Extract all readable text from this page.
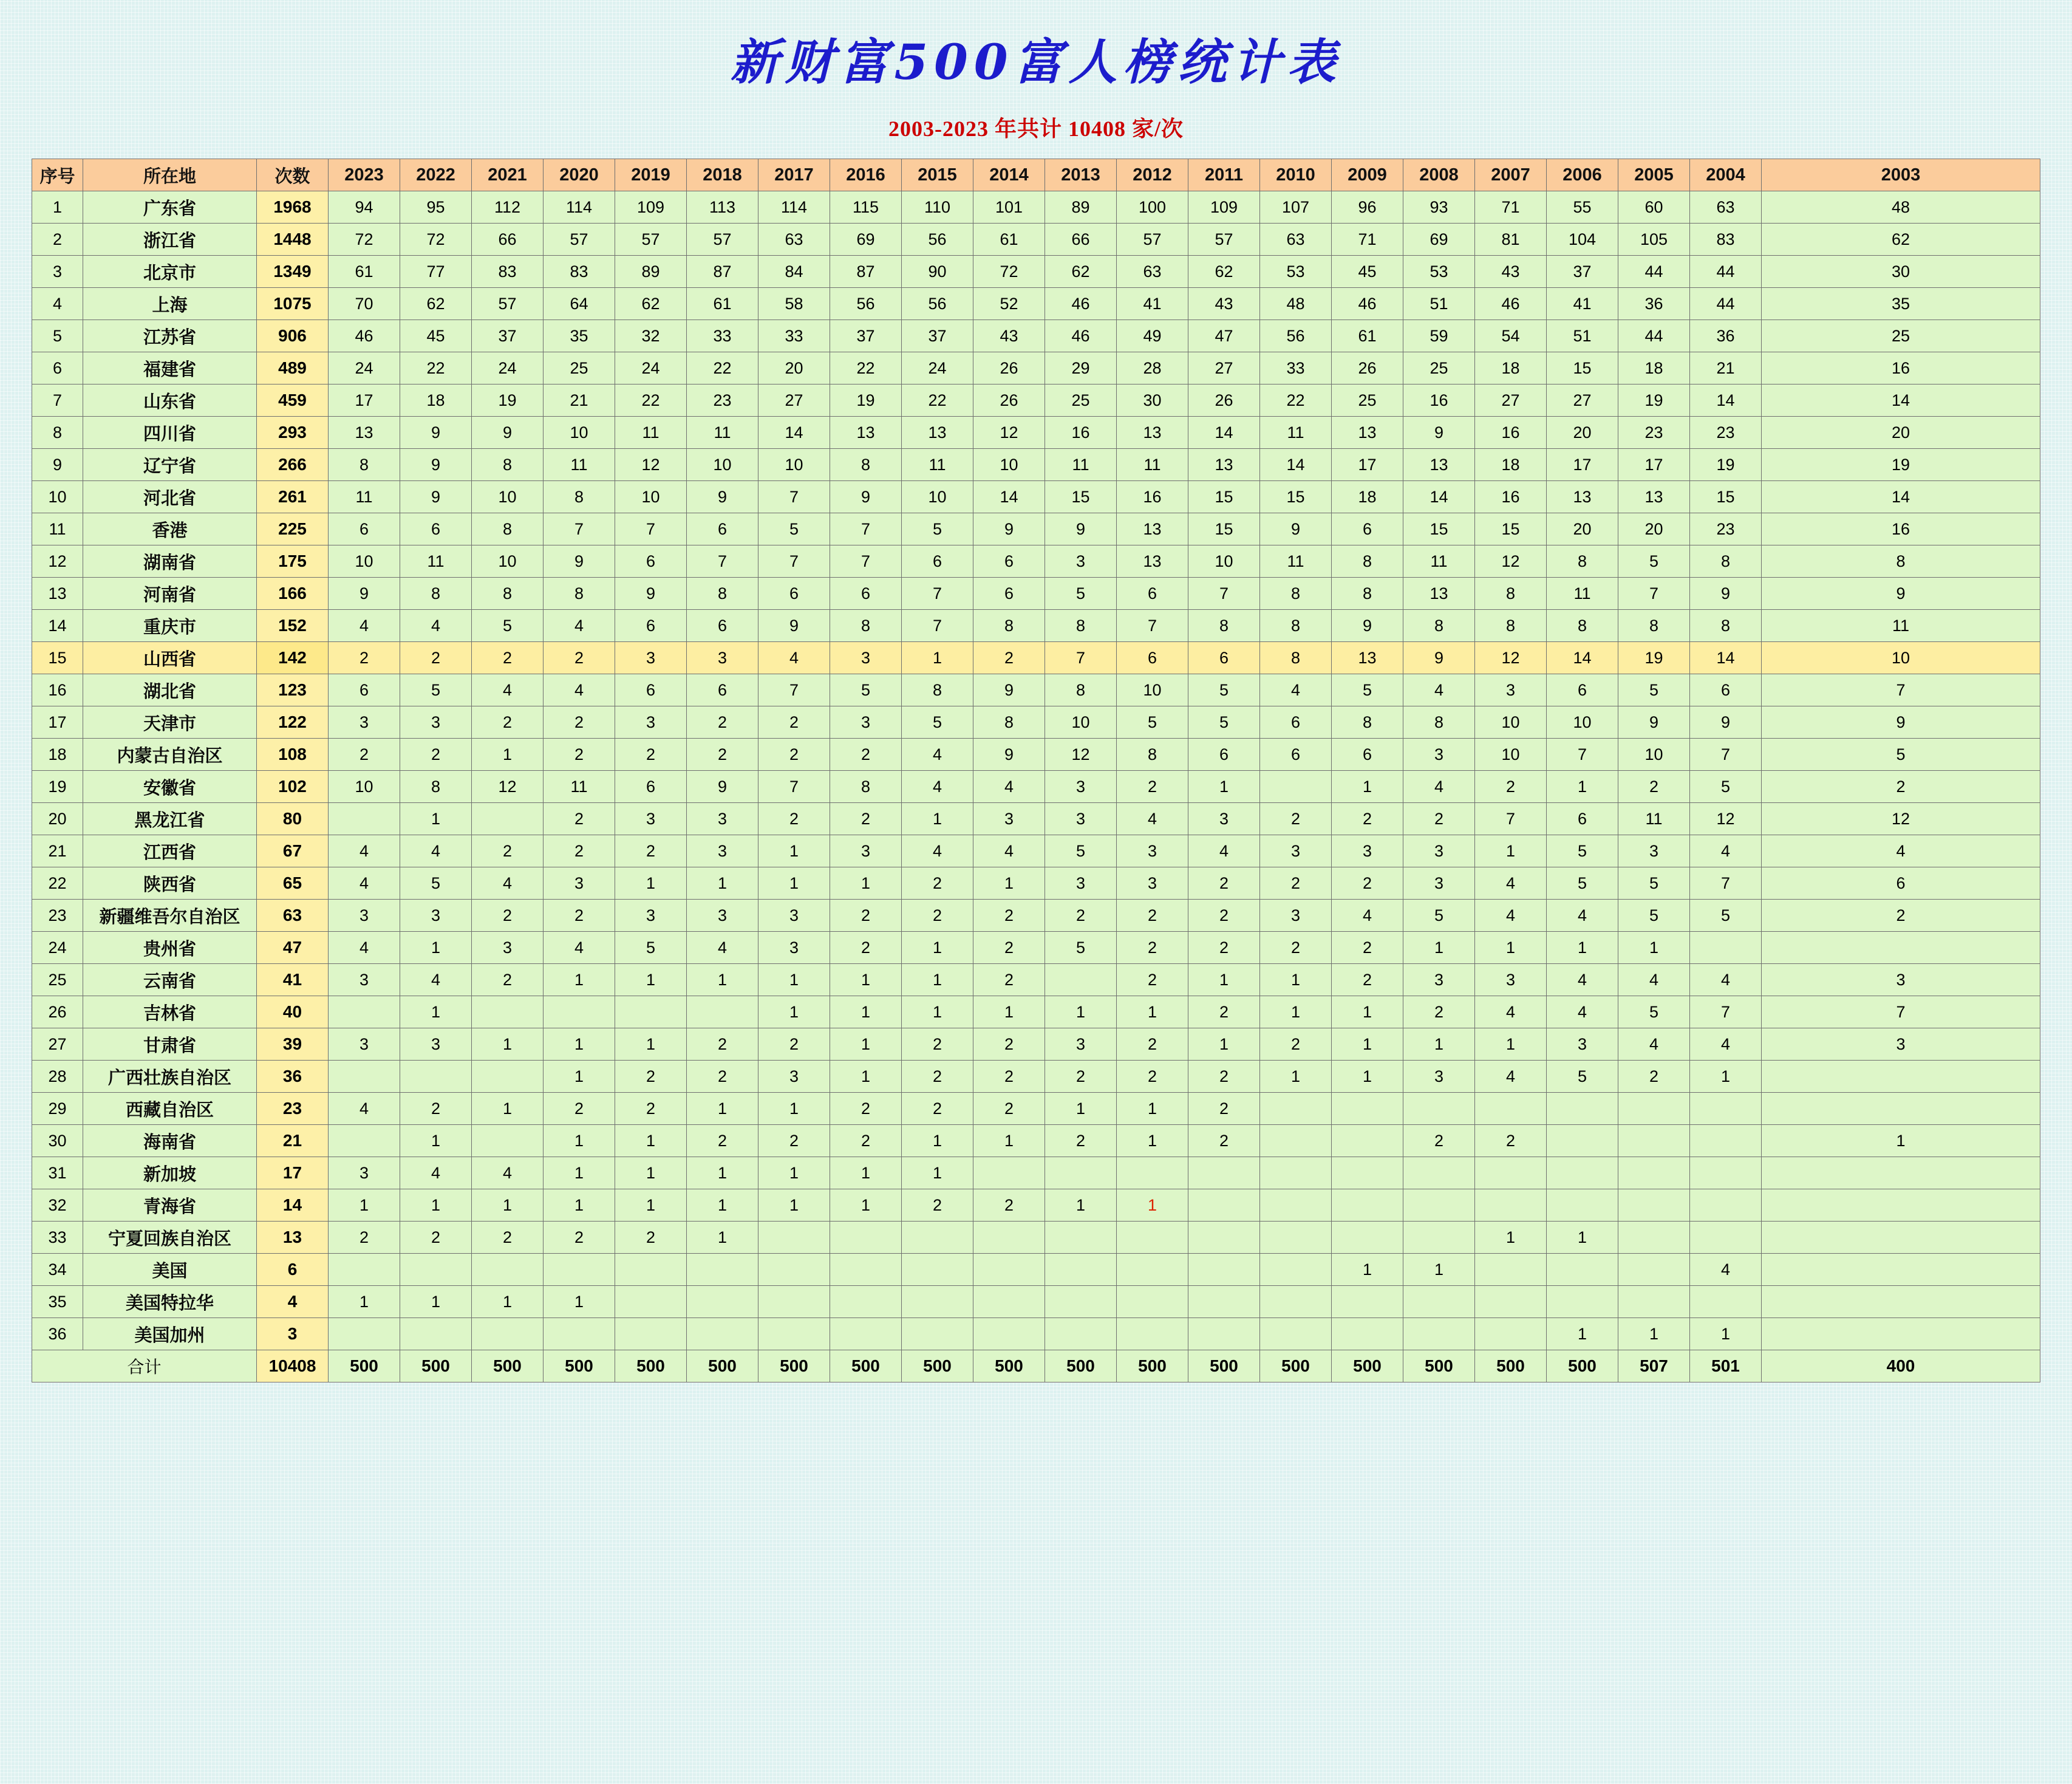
新财富500富人榜统计表
2003-2023 年共计 10408 家/次
序号	所在地	次数	2023	2022	2021	2020	2019	2018	2017	2016	2015	2014	2013	2012	2011	2010	2009	2008	2007	2006	2005	2004	2003
1	广东省	1968	94	95	112	114	109	113	114	115	110	101	89	100	109	107	96	93	71	55	60	63	48
2	浙江省	1448	72	72	66	57	57	57	63	69	56	61	66	57	57	63	71	69	81	104	105	83	62
3	北京市	1349	61	77	83	83	89	87	84	87	90	72	62	63	62	53	45	53	43	37	44	44	30
4	上海	1075	70	62	57	64	62	61	58	56	56	52	46	41	43	48	46	51	46	41	36	44	35
5	江苏省	906	46	45	37	35	32	33	33	37	37	43	46	49	47	56	61	59	54	51	44	36	25
6	福建省	489	24	22	24	25	24	22	20	22	24	26	29	28	27	33	26	25	18	15	18	21	16
7	山东省	459	17	18	19	21	22	23	27	19	22	26	25	30	26	22	25	16	27	27	19	14	14
8	四川省	293	13	9	9	10	11	11	14	13	13	12	16	13	14	11	13	9	16	20	23	23	20
9	辽宁省	266	8	9	8	11	12	10	10	8	11	10	11	11	13	14	17	13	18	17	17	19	19
10	河北省	261	11	9	10	8	10	9	7	9	10	14	15	16	15	15	18	14	16	13	13	15	14
11	香港	225	6	6	8	7	7	6	5	7	5	9	9	13	15	9	6	15	15	20	20	23	16
12	湖南省	175	10	11	10	9	6	7	7	7	6	6	3	13	10	11	8	11	12	8	5	8	8
13	河南省	166	9	8	8	8	9	8	6	6	7	6	5	6	7	8	8	13	8	11	7	9	9
14	重庆市	152	4	4	5	4	6	6	9	8	7	8	8	7	8	8	9	8	8	8	8	8	11
15	山西省	142	2	2	2	2	3	3	4	3	1	2	7	6	6	8	13	9	12	14	19	14	10
16	湖北省	123	6	5	4	4	6	6	7	5	8	9	8	10	5	4	5	4	3	6	5	6	7
17	天津市	122	3	3	2	2	3	2	2	3	5	8	10	5	5	6	8	8	10	10	9	9	9
18	内蒙古自治区	108	2	2	1	2	2	2	2	2	4	9	12	8	6	6	6	3	10	7	10	7	5
19	安徽省	102	10	8	12	11	6	9	7	8	4	4	3	2	1		1	4	2	1	2	5	2
20	黑龙江省	80		1		2	3	3	2	2	1	3	3	4	3	2	2	2	7	6	11	12	12
21	江西省	67	4	4	2	2	2	3	1	3	4	4	5	3	4	3	3	3	1	5	3	4	4
22	陕西省	65	4	5	4	3	1	1	1	1	2	1	3	3	2	2	2	3	4	5	5	7	6
23	新疆维吾尔自治区	63	3	3	2	2	3	3	3	2	2	2	2	2	2	3	4	5	4	4	5	5	2
24	贵州省	47	4	1	3	4	5	4	3	2	1	2	5	2	2	2	2	1	1	1	1		
25	云南省	41	3	4	2	1	1	1	1	1	1	2		2	1	1	2	3	3	4	4	4	3
26	吉林省	40		1					1	1	1	1	1	1	2	1	1	2	4	4	5	7	7
27	甘肃省	39	3	3	1	1	1	2	2	1	2	2	3	2	1	2	1	1	1	3	4	4	3
28	广西壮族自治区	36				1	2	2	3	1	2	2	2	2	2	1	1	3	4	5	2	1	
29	西藏自治区	23	4	2	1	2	2	1	1	2	2	2	1	1	2								
30	海南省	21		1		1	1	2	2	2	1	1	2	1	2			2	2				1
31	新加坡	17	3	4	4	1	1	1	1	1	1												
32	青海省	14	1	1	1	1	1	1	1	1	2	2	1	1									
33	宁夏回族自治区	13	2	2	2	2	2	1											1	1			
34	美国	6															1	1				4	
35	美国特拉华	4	1	1	1	1																	
36	美国加州	3																		1	1	1	
合计		10408	500	500	500	500	500	500	500	500	500	500	500	500	500	500	500	500	500	500	507	501	400
